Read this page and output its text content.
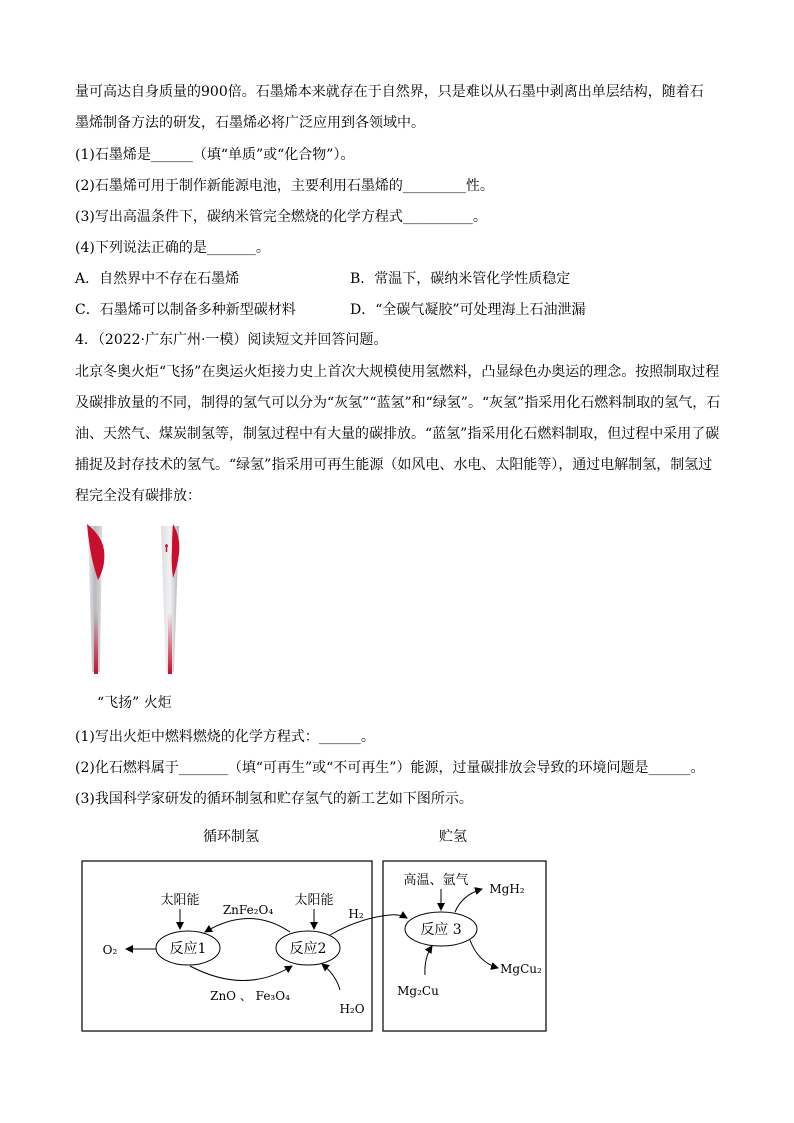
量可高达自身质量的900倍。石墨烯本来就存在于自然界，只是难以从石墨中剥离出单层结构，随着石
墨烯制备方法的研发，石墨烯必将广泛应用到各领域中。
(1)石墨烯是______（填“单质”或“化合物”）。
(2)石墨烯可用于制作新能源电池，主要利用石墨烯的_________性。
(3)写出高温条件下，碳纳米管完全燃烧的化学方程式__________。
(4)下列说法正确的是_______。
A．自然界中不存在石墨烯	B．常温下，碳纳米管化学性质稳定
C．石墨烯可以制备多种新型碳材料	D．“全碳气凝胶”可处理海上石油泄漏
4．（2022·广东广州·一模）阅读短文并回答问题。
北京冬奥火炬“飞扬”在奥运火炬接力史上首次大规模使用氢燃料，凸显绿色办奥运的理念。按照制取过程
及碳排放量的不同，制得的氢气可以分为“灰氢”“蓝氢”和“绿氢”。“灰氢”指采用化石燃料制取的氢气，石
油、天然气、煤炭制氢等，制氢过程中有大量的碳排放。“蓝氢”指采用化石燃料制取，但过程中采用了碳
捕捉及封存技术的氢气。“绿氢”指采用可再生能源（如风电、水电、太阳能等），通过电解制氢，制氢过
程完全没有碳排放：
“飞扬” 火炬
(1)写出火炬中燃料燃烧的化学方程式：______。
(2)化石燃料属于_______（填“可再生”或“不可再生”）能源，过量碳排放会导致的环境问题是______。
(3)我国科学家研发的循环制氢和贮存氢气的新工艺如下图所示。
循环制氢	贮氢
反应1	反应2
反应 3
太阳能	太阳能
ZnFe₂O₄
ZnO 、 Fe₃O₄
O₂
H₂O
H₂
高温、氩气
MgH₂
MgCu₂
Mg₂Cu
